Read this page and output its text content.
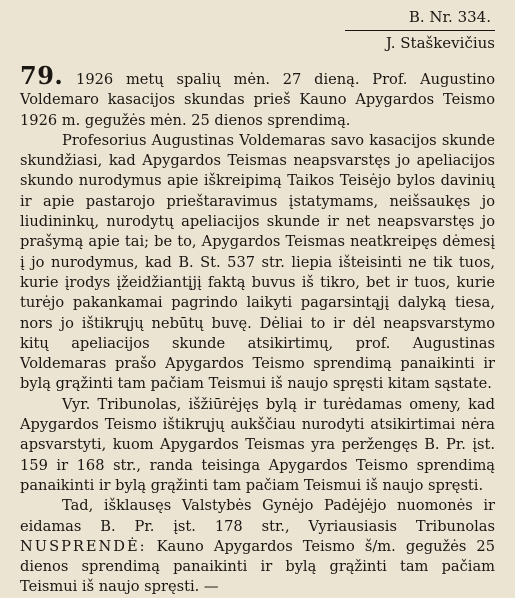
B. Nr. 334.
J. Staškevičius

79. 1926 metų spalių mėn. 27 dieną. Prof. Augustino Voldemaro kasacijos skundas prieš Kauno Apygardos Teismo 1926 m. gegužės mėn. 25 dienos sprendimą.

Profesorius Augustinas Voldemaras savo kasacijos skunde skundžiasi, kad Apygardos Teismas neapsvarstęs jo apeliacijos skundo nurodymus apie iškreipimą Taikos Teisėjo bylos davinių ir apie pastarojo prieštaravimus įstatymams, neišsaukęs jo liudininkų, nurodytų apeliacijos skunde ir net neapsvarstęs jo prašymą apie tai; be to, Apygardos Teismas neatkreipęs dėmesį į jo nurodymus, kad B. St. 537 str. liepia išteisinti ne tik tuos, kurie įrodys įžeidžiantįjį faktą buvus iš tikro, bet ir tuos, kurie turėjo pakankamai pagrindo laikyti pagarsintąjį dalyką tiesa, nors jo ištikrųjų nebūtų buvę. Dėliai to ir dėl neapsvarstymo kitų apeliacijos skunde atsikirtimų, prof. Augustinas Voldemaras prašo Apygardos Teismo sprendimą panaikinti ir bylą grąžinti tam pačiam Teismui iš naujo spręsti kitam sąstate.

Vyr. Tribunolas, išžiūrėjęs bylą ir turėdamas omeny, kad Apygardos Teismo ištikrųjų aukščiau nurodyti atsikirtimai nėra apsvarstyti, kuom Apygardos Teismas yra peržengęs B. Pr. įst. 159 ir 168 str., randa teisinga Apygardos Teismo sprendimą panaikinti ir bylą grąžinti tam pačiam Teismui iš naujo spręsti.

Tad, išklausęs Valstybės Gynėjo Padėjėjo nuomonės ir eidamas B. Pr. įst. 178 str., Vyriausiasis Tribunolas NUSPRENDĖ: Kauno Apygardos Teismo š/m. gegužės 25 dienos sprendimą panaikinti ir bylą grąžinti tam pačiam Teismui iš naujo spręsti. —
